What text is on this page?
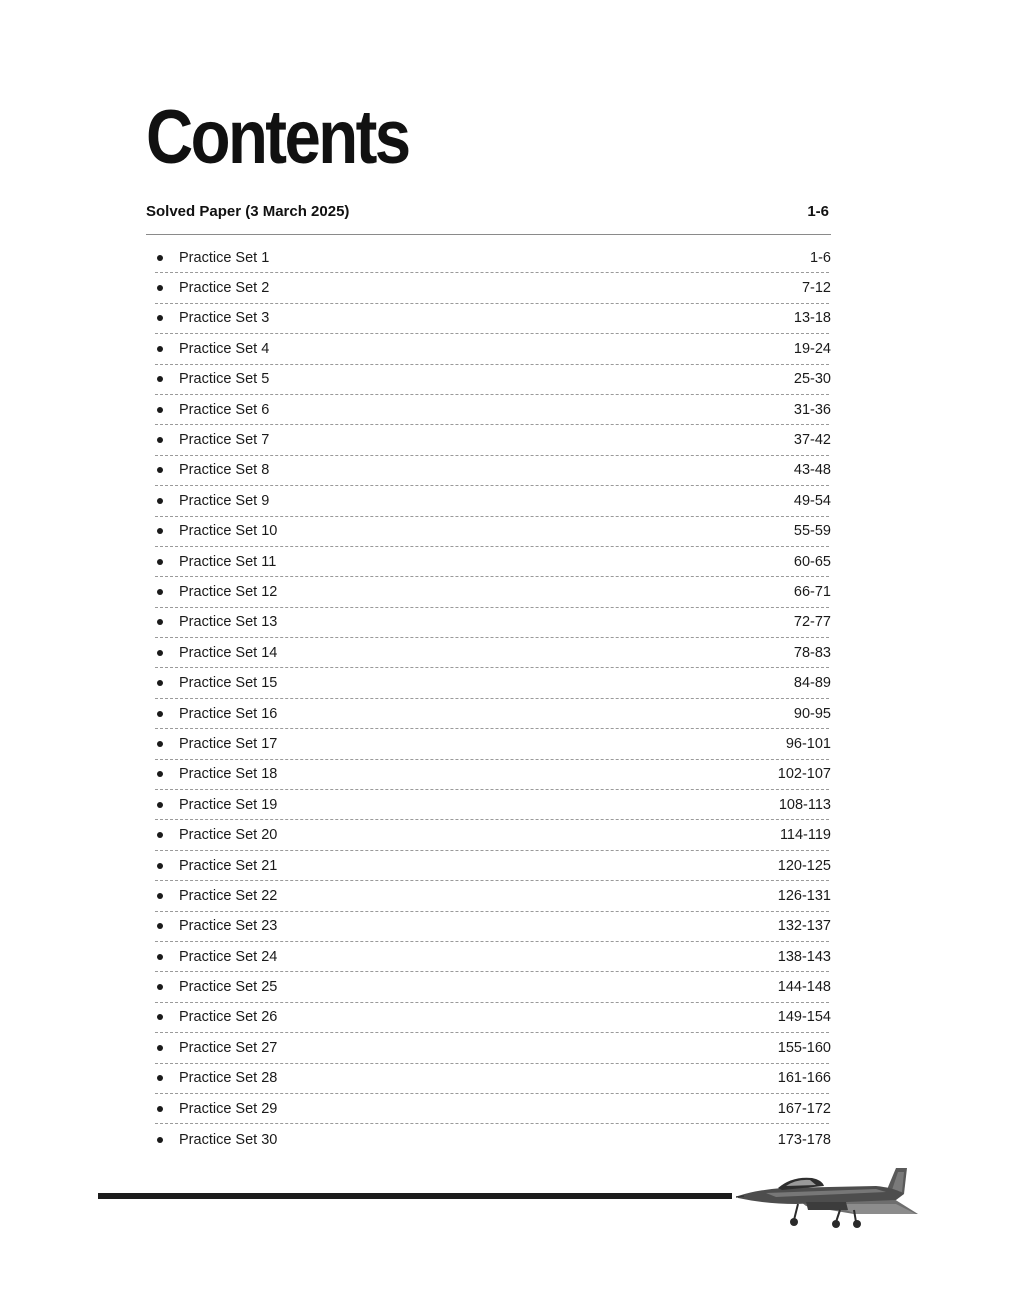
Contents
Solved Paper (3 March 2025)	1-6
Practice Set 1	1-6
Practice Set 2	7-12
Practice Set 3	13-18
Practice Set 4	19-24
Practice Set 5	25-30
Practice Set 6	31-36
Practice Set 7	37-42
Practice Set 8	43-48
Practice Set 9	49-54
Practice Set 10	55-59
Practice Set 11	60-65
Practice Set 12	66-71
Practice Set 13	72-77
Practice Set 14	78-83
Practice Set 15	84-89
Practice Set 16	90-95
Practice Set 17	96-101
Practice Set 18	102-107
Practice Set 19	108-113
Practice Set 20	114-119
Practice Set 21	120-125
Practice Set 22	126-131
Practice Set 23	132-137
Practice Set 24	138-143
Practice Set 25	144-148
Practice Set 26	149-154
Practice Set 27	155-160
Practice Set 28	161-166
Practice Set 29	167-172
Practice Set 30	173-178
